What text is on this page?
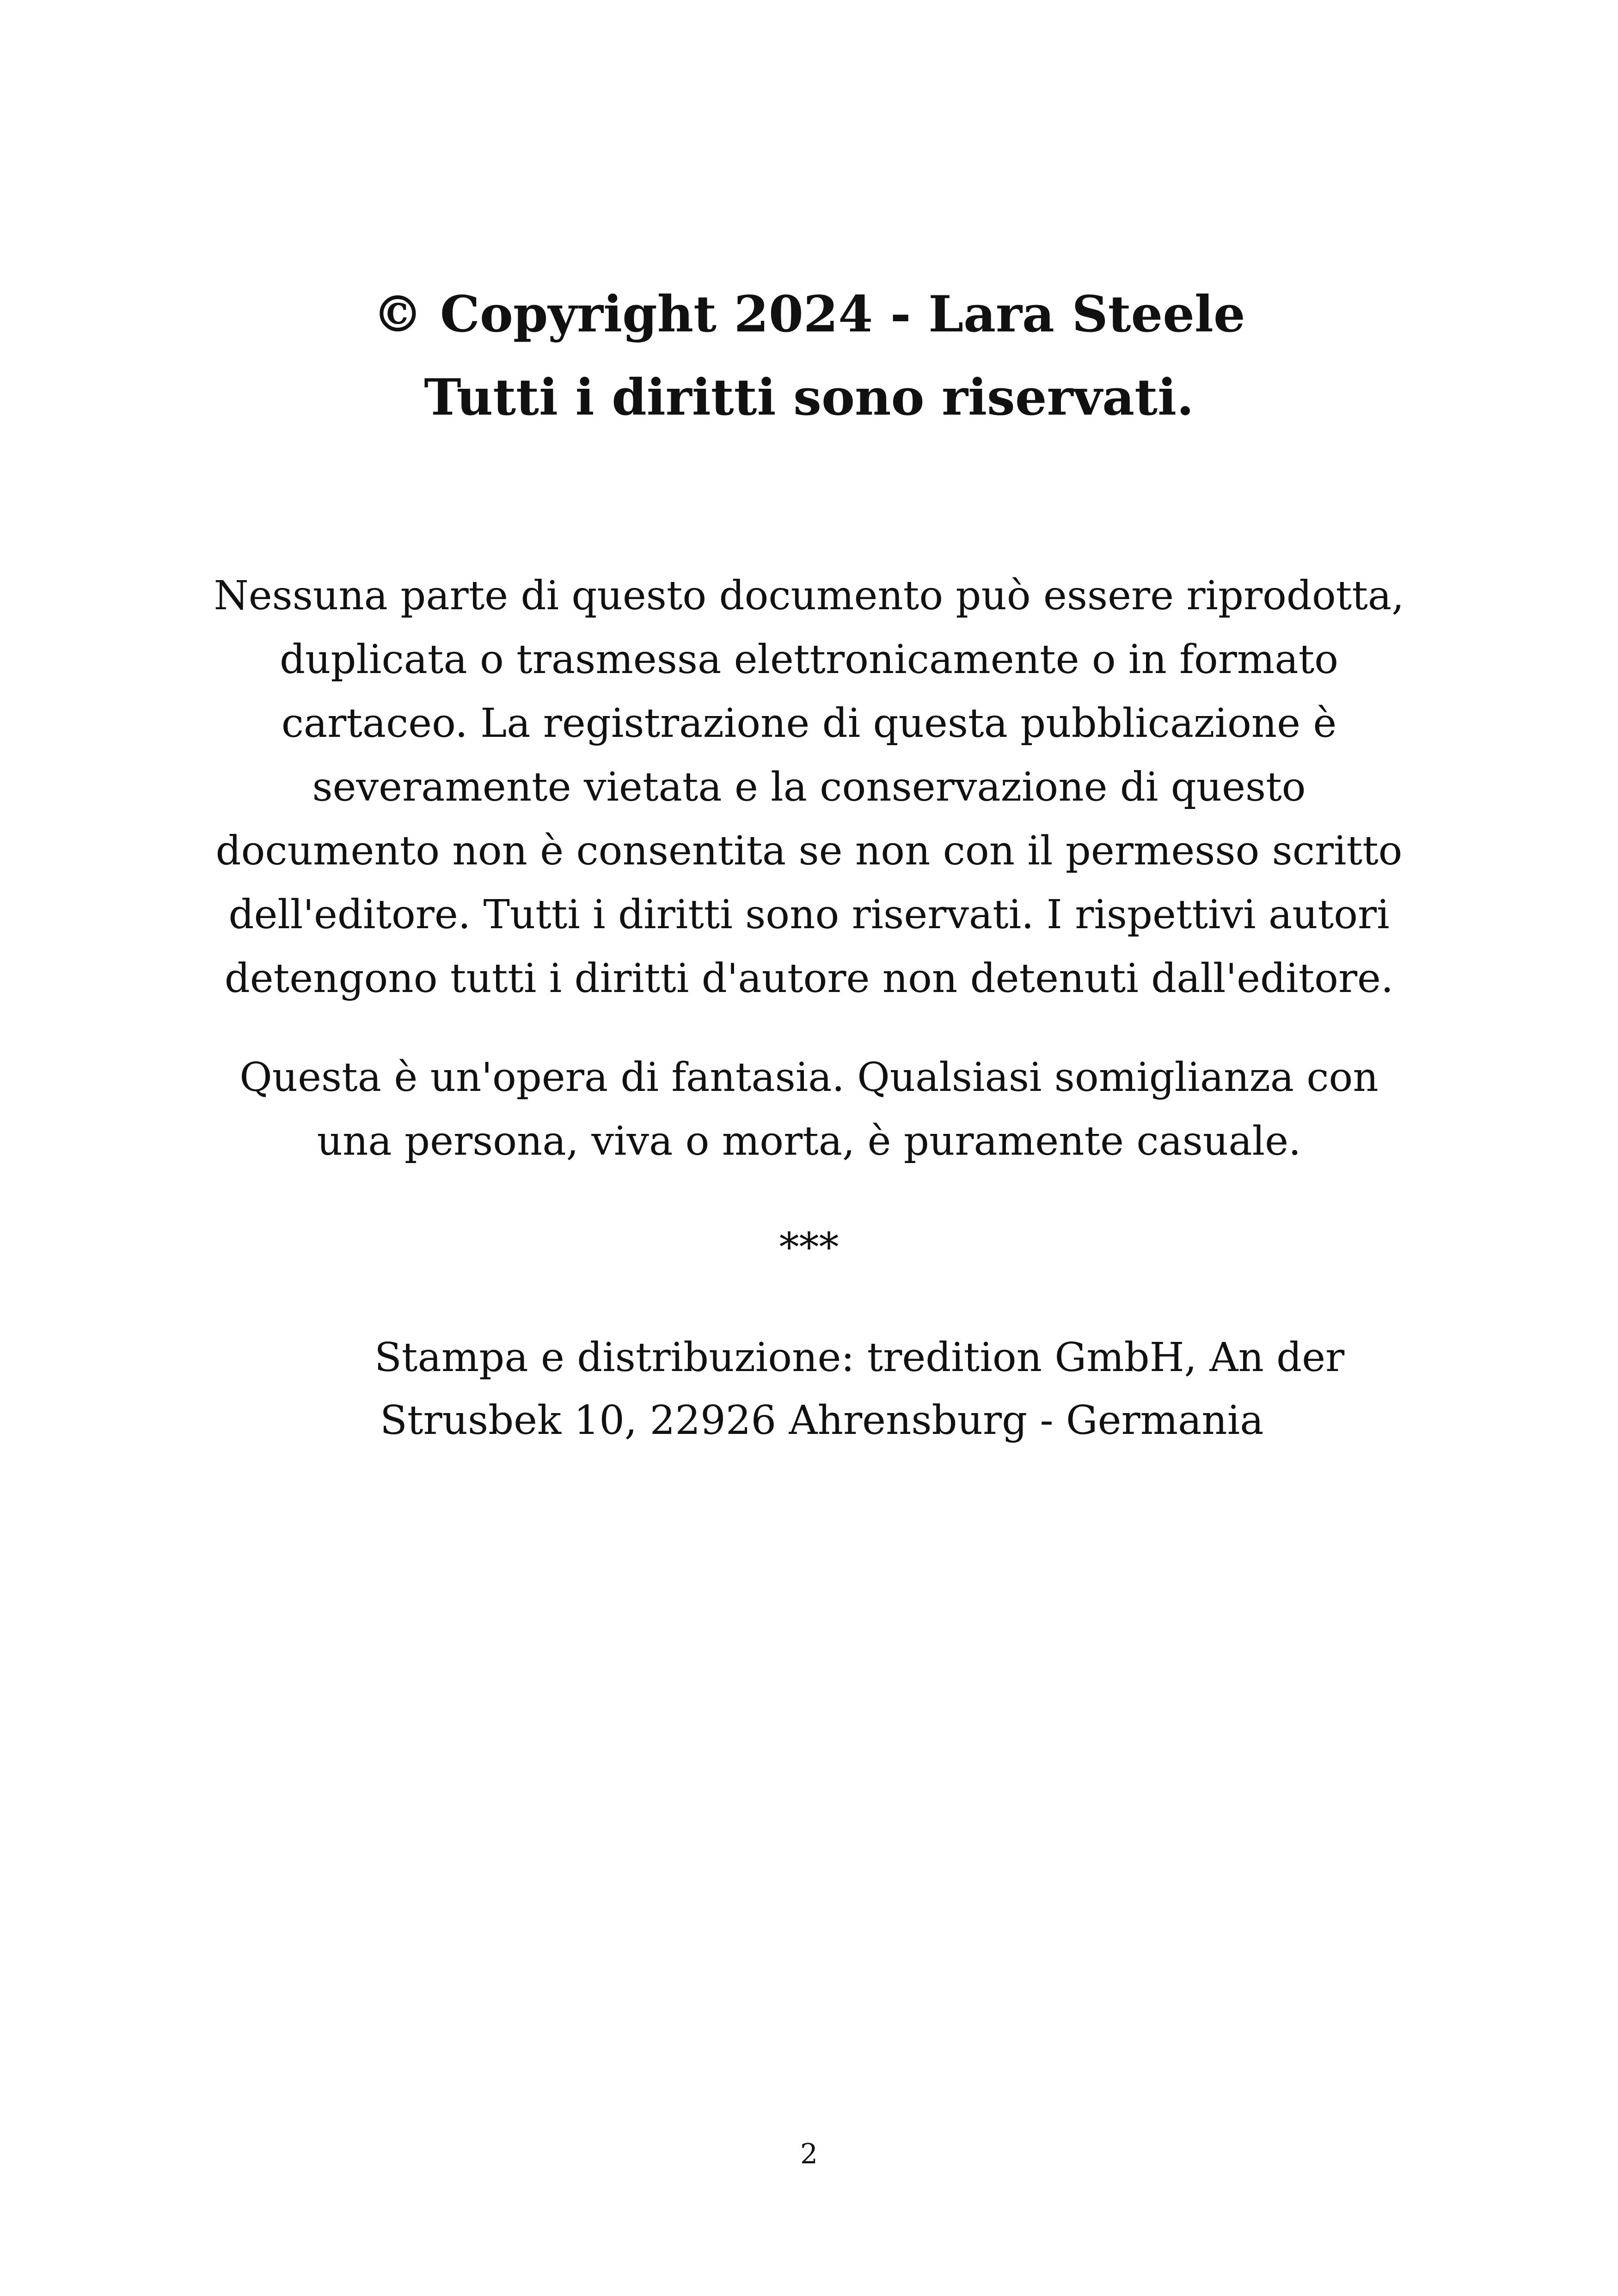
© Copyright 2024 - Lara Steele
Tutti i diritti sono riservati.
Nessuna parte di questo documento può essere riprodotta,
duplicata o trasmessa elettronicamente o in formato
cartaceo. La registrazione di questa pubblicazione è
severamente vietata e la conservazione di questo
documento non è consentita se non con il permesso scritto
dell'editore. Tutti i diritti sono riservati. I rispettivi autori
detengono tutti i diritti d'autore non detenuti dall'editore.
Questa è un'opera di fantasia. Qualsiasi somiglianza con
una persona, viva o morta, è puramente casuale.
***
Stampa e distribuzione: tredition GmbH, An der
Strusbek 10, 22926 Ahrensburg - Germania
2
